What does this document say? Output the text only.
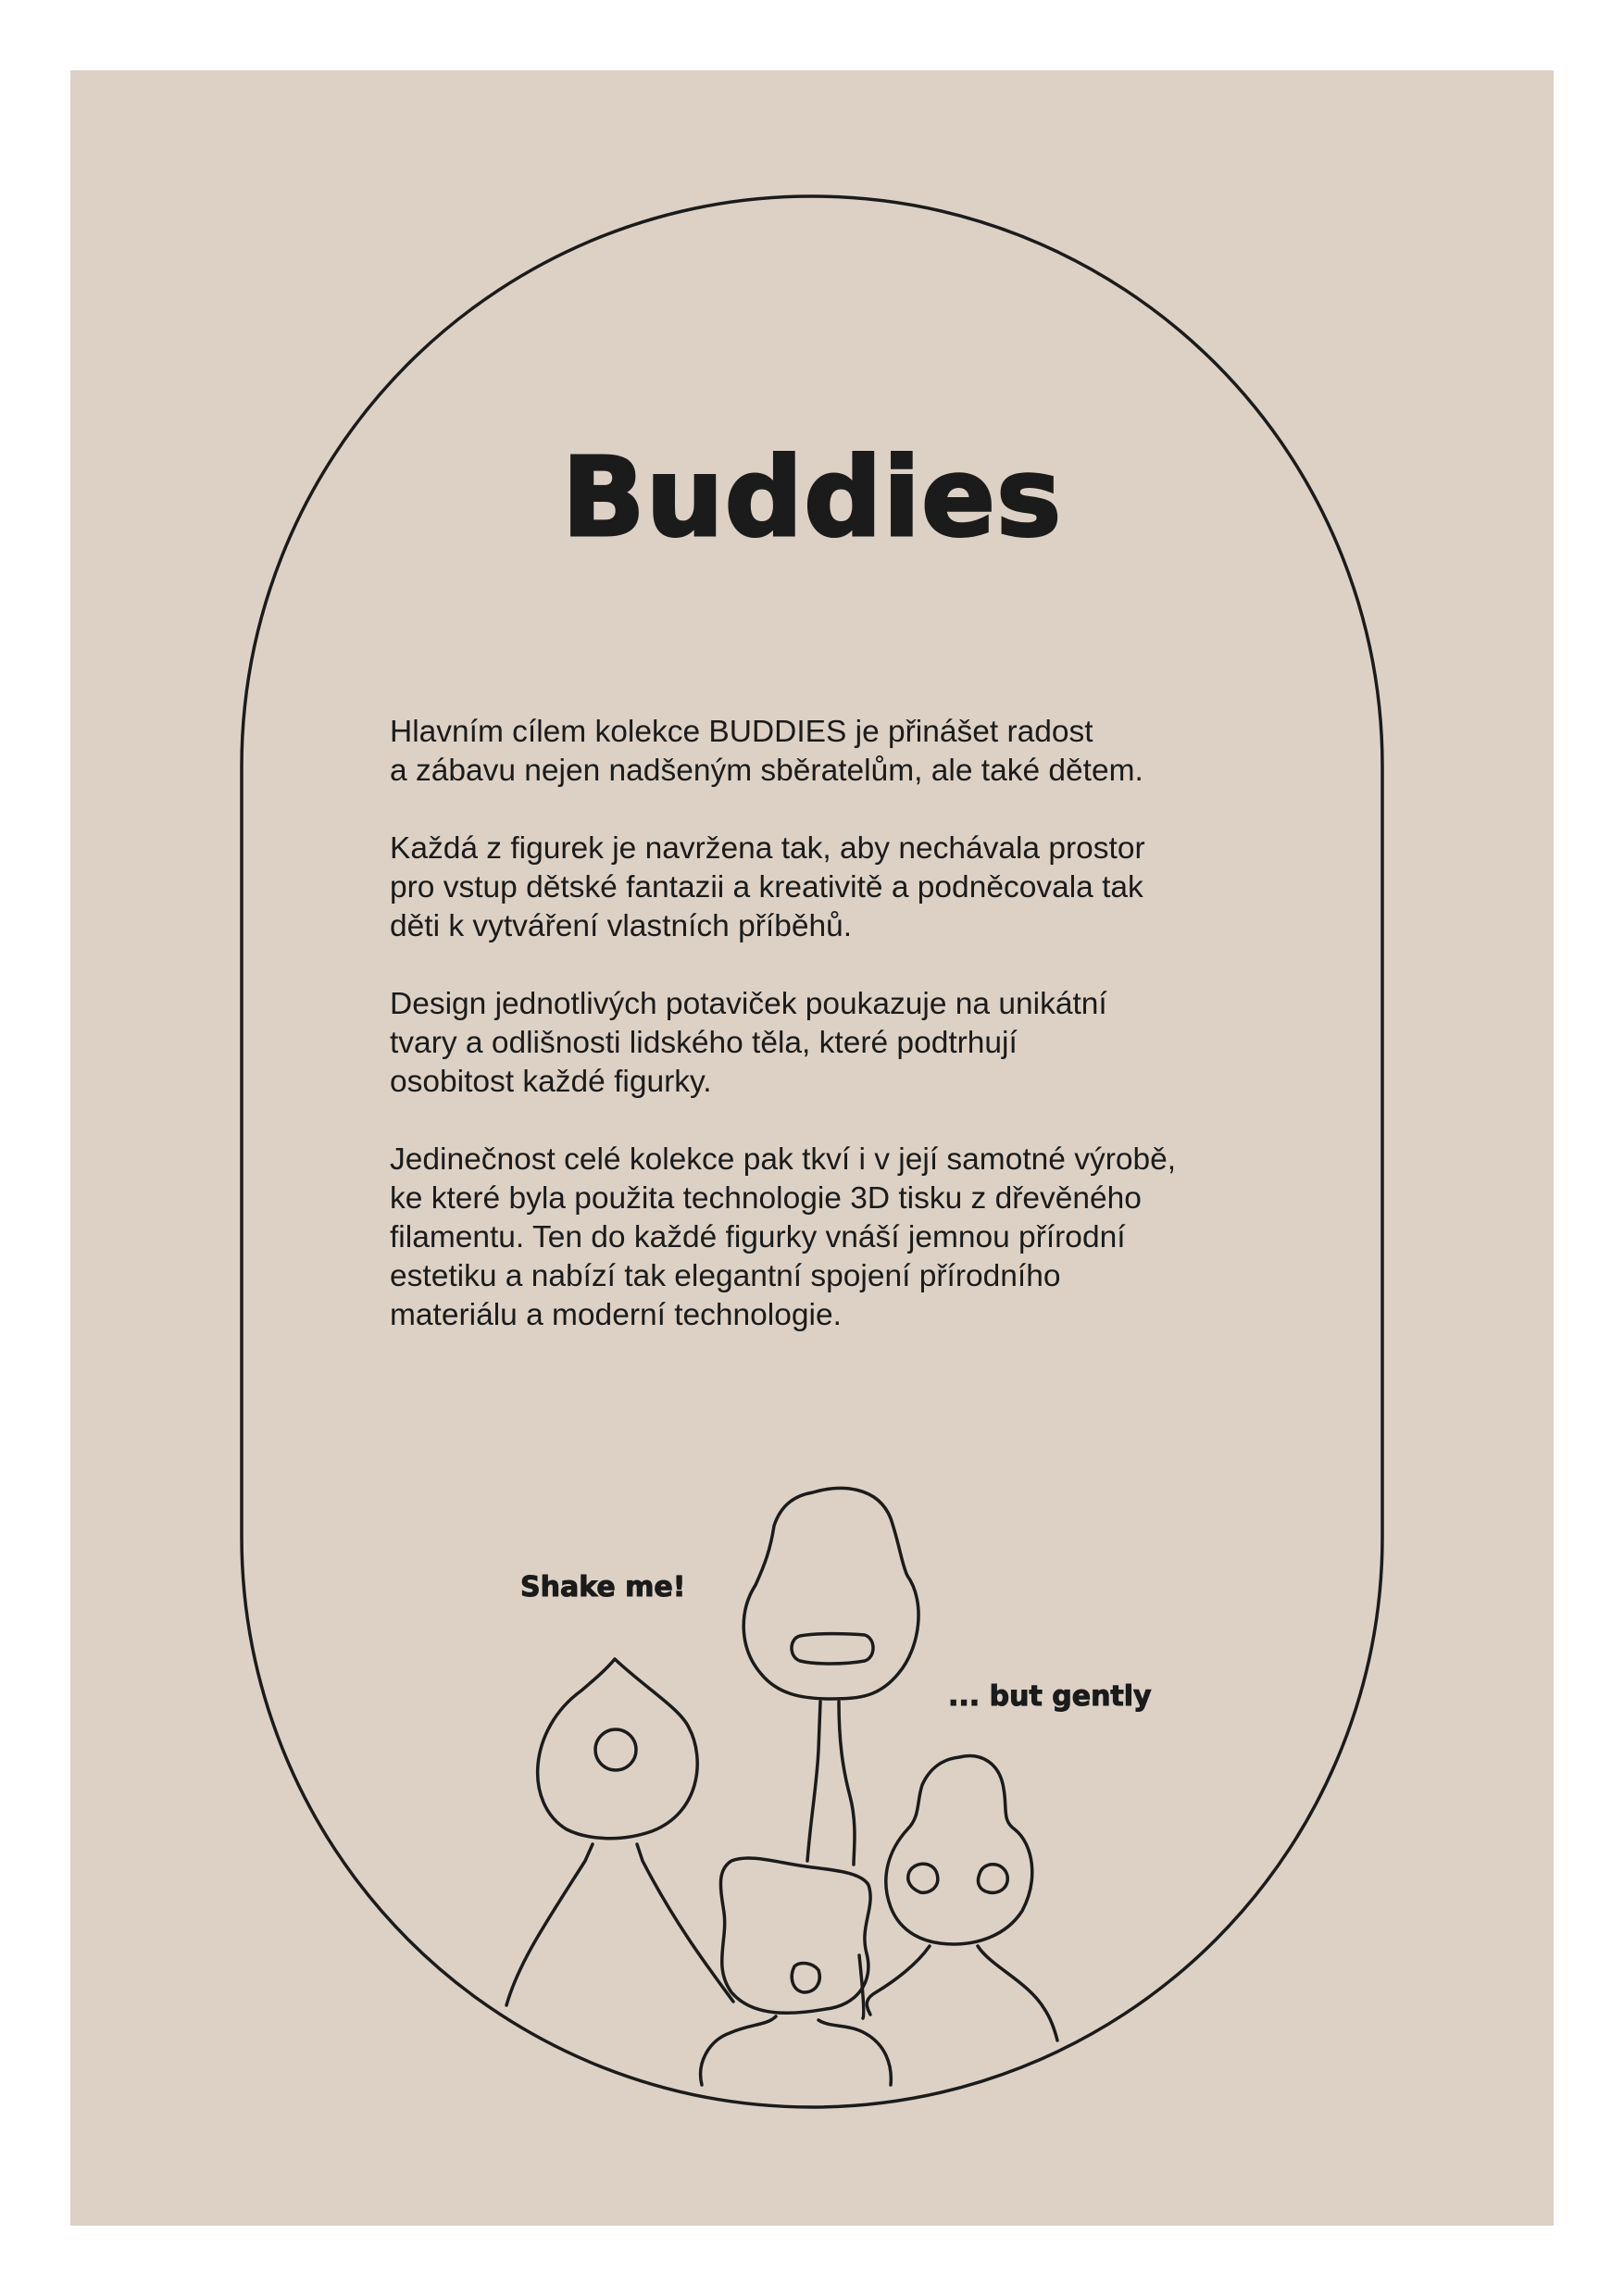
Buddies

Hlavním cílem kolekce BUDDIES je přinášet radost
a zábavu nejen nadšeným sběratelům, ale také dětem.

Každá z figurek je navržena tak, aby nechávala prostor
pro vstup dětské fantazii a kreativitě a podněcovala tak
děti k vytváření vlastních příběhů.

Design jednotlivých potaviček poukazuje na unikátní
tvary a odlišnosti lidského těla, které podtrhují
osobitost každé figurky.

Jedinečnost celé kolekce pak tkví i v její samotné výrobě,
ke které byla použita technologie 3D tisku z dřevěného
filamentu. Ten do každé figurky vnáší jemnou přírodní
estetiku a nabízí tak elegantní spojení přírodního
materiálu a moderní technologie.

Shake me!
... but gently
